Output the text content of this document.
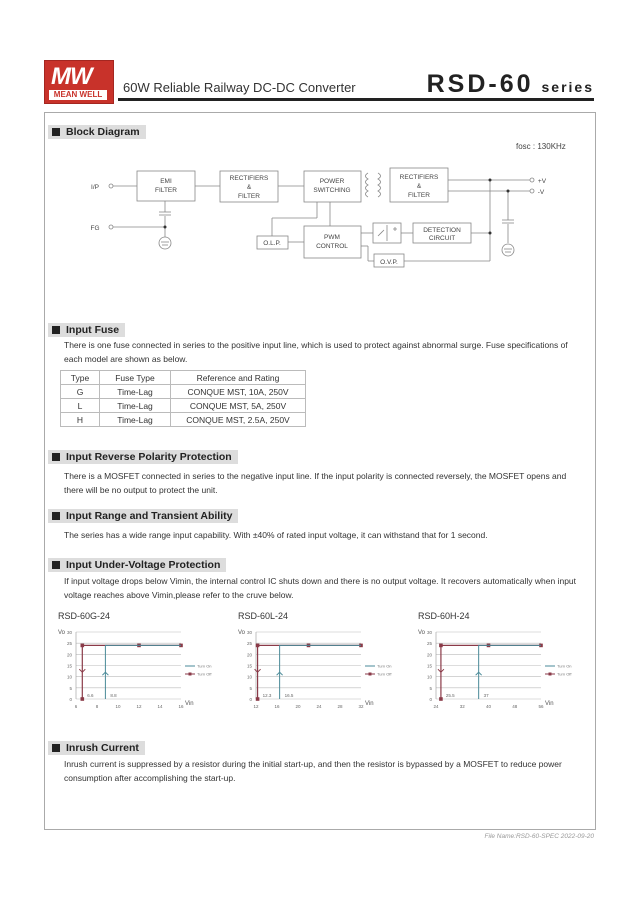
MW
MEAN WELL	60W Reliable Railway DC-DC Converter	RSD-60 series
Block Diagram
fosc : 130KHz
I/P
FG
EMI
FILTER
RECTIFIERS
&
FILTER
POWER
SWITCHING
RECTIFIERS
&
FILTER
O.L.P.
PWM
CONTROL
DETECTION
CIRCUIT
O.V.P.
+V
-V
Input Fuse
There is one fuse connected in series to the positive input line, which is used to protect against abnormal surge. Fuse specifications of each model are shown as below.
Type	Fuse Type	Reference and Rating
G	Time-Lag	CONQUE MST, 10A, 250V
L	Time-Lag	CONQUE MST, 5A, 250V
H	Time-Lag	CONQUE MST, 2.5A, 250V
Input Reverse Polarity Protection
There is a MOSFET connected in series to the negative input line. If the input polarity is connected reversely, the MOSFET opens and there will be no output to protect the unit.
Input Range and Transient Ability
The series has a wide range input capability. With ±40% of rated input voltage, it can withstand that for 1 second.
Input Under-Voltage Protection
If input voltage drops below Vimin, the internal control IC shuts down and there is no output voltage. It recovers automatically when input voltage reaches above Vimin,please refer to the cruve below.
RSD-60G-24	RSD-60L-24	RSD-60H-24
0
5
10
15
20
25
30
6	8	10	12	14	16
Vo
Vin
6.6	8.8
Turn On
Turn Off
0
5
10
15
20
25
30
12	16	20	24	28	32
Vo
Vin
12.3	16.5
Turn On
Turn Off
0
5
10
15
20
25
30
24	32	40	48	56
Vo
Vin
25.5	37
Turn On
Turn Off
Inrush Current
Inrush current is suppressed by a resistor during the initial start-up, and then the resistor is bypassed by a MOSFET to reduce power consumption after accomplishing the start-up.
File Name:RSD-60-SPEC 2022-09-20
